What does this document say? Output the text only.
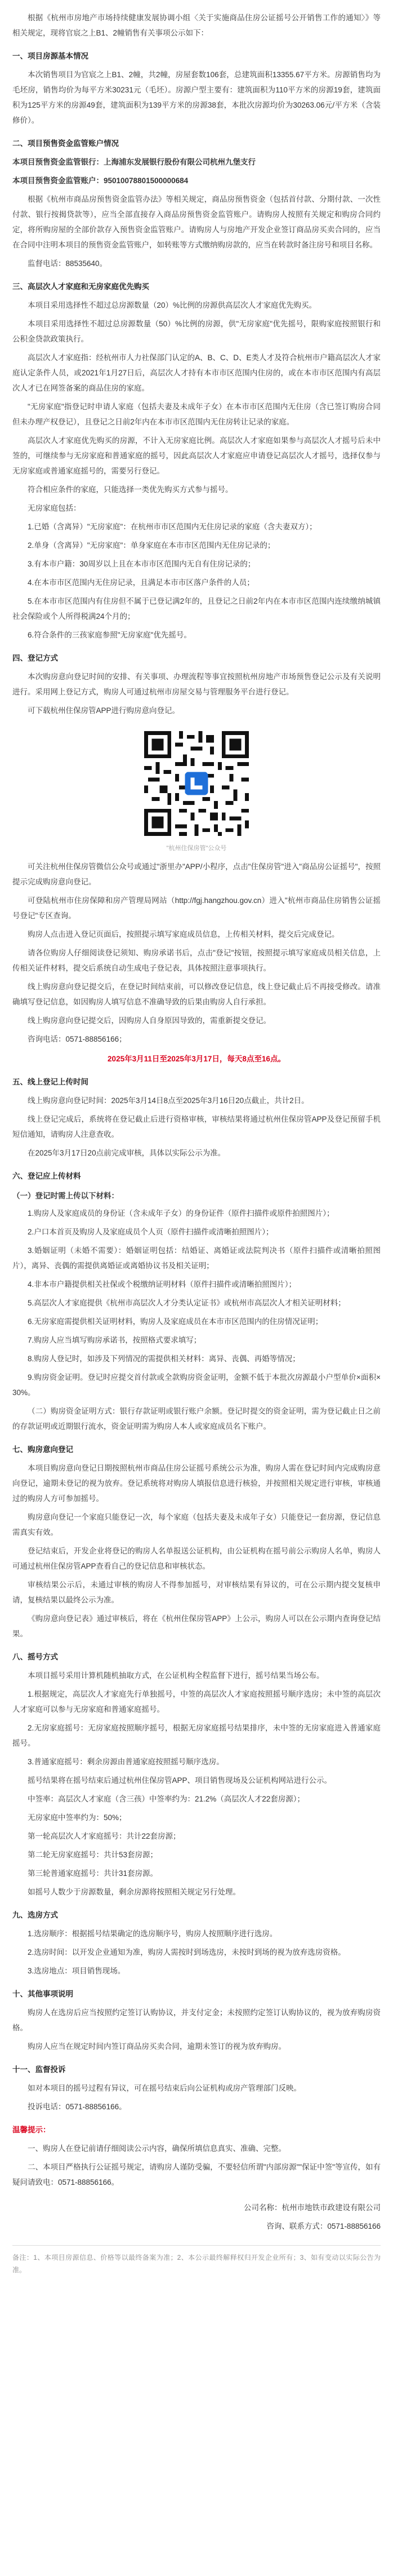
根据《杭州市房地产市场持续健康发展协调小组〈关于实施商品住房公证摇号公开销售工作的通知〉》等相关规定，现将官宸之上B1、2幢销售有关事项公示如下：

一、项目房源基本情况

本次销售项目为官宸之上B1、2幢，共2幢，房屋套数106套，总建筑面积13355.67平方米。房源销售均为毛坯房，销售均价为每平方米30231元（毛坯）。房源户型主要有：建筑面积为110平方米的房源19套，建筑面积为125平方米的房源49套，建筑面积为139平方米的房源38套，本批次房源均价为30263.06元/平方米（含装修价）。

二、项目预售资金监管账户情况

本项目预售资金监管银行：上海浦东发展银行股份有限公司杭州九堡支行

本项目预售资金监管账户：95010078801500000684

根据《杭州市商品房预售资金监管办法》等相关规定，商品房预售资金（包括首付款、分期付款、一次性付款、银行按揭贷款等），应当全部直接存入商品房预售资金监管账户。请购房人按照有关规定和购房合同约定，将所购房屋的全部价款存入预售资金监管账户。请购房人与房地产开发企业签订商品房买卖合同的，应当在合同中注明本项目的预售资金监管账户，如转账等方式缴纳购房款的，应当在转款时备注房号和项目名称。

监督电话：88535640。

三、高层次人才家庭和无房家庭优先购买

本项目采用选择性不超过总房源数量（20）%比例的房源供高层次人才家庭优先购买。

本项目采用选择性不超过总房源数量（50）%比例的房源，供"无房家庭"优先摇号，限购家庭按照银行和公积金贷款政策执行。

高层次人才家庭指：经杭州市人力社保部门认定的A、B、C、D、E类人才及符合杭州市户籍高层次人才家庭认定条件人员，或2021年1月27日后，高层次人才持有本市市区范围内住房的，或在本市市区范围内有高层次人才已在网签备案的商品住房的家庭。

"无房家庭"指登记时申请人家庭（包括夫妻及未成年子女）在本市市区范围内无住房（含已签订购房合同但未办理产权登记），且登记之日前2年内在本市市区范围内无住房转让记录的家庭。

高层次人才家庭优先购买的房源，不计入无房家庭比例。高层次人才家庭如果参与高层次人才摇号后未中签的，可继续参与无房家庭和普通家庭的摇号，因此高层次人才家庭应申请登记高层次人才摇号，选择仅参与无房家庭或普通家庭摇号的，需要另行登记。

符合相应条件的家庭，只能选择一类优先购买方式参与摇号。

无房家庭包括：

1.已婚（含离异）"无房家庭"：在杭州市市区范围内无住房记录的家庭（含夫妻双方）；

2.单身（含离异）"无房家庭"：单身家庭在本市市区范围内无住房记录的；

3.有本市户籍：30周岁以上且在本市市区范围内无自有住房记录的；

4.在本市市区范围内无住房记录，且满足本市市区落户条件的人员；

5.在本市市区范围内有住房但不属于已登记满2年的，且登记之日前2年内在本市市区范围内连续缴纳城镇社会保险或个人所得税满24个月的；

6.符合条件的三孩家庭参照"无房家庭"优先摇号。

四、登记方式

本次购房意向登记时间的安排、有关事项、办理流程等事宜按照杭州房地产市场预售登记公示及有关说明进行。采用网上登记方式，购房人可通过杭州市房屋交易与管理服务平台进行登记。

可下载杭州住保房管APP进行购房意向登记。

"杭州住保房管"公众号

可关注杭州住保房管微信公众号或通过"浙里办"APP/小程序，点击"住保房管"进入"商品房公证摇号"，按照提示完成购房意向登记。

可登陆杭州市住房保障和房产管理局网站（http://fgj.hangzhou.gov.cn）进入"杭州市商品住房销售公证摇号登记"专区查询。

购房人点击进入登记页面后，按照提示填写家庭成员信息，上传相关材料，提交后完成登记。

请各位购房人仔细阅读登记须知、购房承诺书后，点击"登记"按钮，按照提示填写家庭成员相关信息，上传相关证件材料，提交后系统自动生成电子登记表，具体按照注意事项执行。

线上购房意向登记提交后，在登记时间结束前，可以修改登记信息，线上登记截止后不再接受修改。请准确填写登记信息，如因购房人填写信息不准确导致的后果由购房人自行承担。

线上购房意向登记提交后，因购房人自身原因导致的，需重新提交登记。

咨询电话：0571-88856166；

2025年3月11日至2025年3月17日，每天8点至16点。

五、线上登记上传时间

线上购房意向登记时间：2025年3月14日8点至2025年3月16日20点截止，共计2日。

线上登记完成后，系统将在登记截止后进行资格审核，审核结果将通过杭州住保房管APP及登记预留手机短信通知，请购房人注意查收。

在2025年3月17日20点前完成审核，具体以实际公示为准。

六、登记应上传材料

（一）登记时需上传以下材料：

1.购房人及家庭成员的身份证（含未成年子女）的身份证件（原件扫描件或原件拍照图片）；

2.户口本首页及购房人及家庭成员个人页（原件扫描件或清晰拍照图片）；

3.婚姻证明（未婚不需要）：婚姻证明包括：结婚证、离婚证或法院判决书（原件扫描件或清晰拍照图片），离异、丧偶的需提供离婚证或离婚协议书及相关证明；

4.非本市户籍提供相关社保或个税缴纳证明材料（原件扫描件或清晰拍照图片）；

5.高层次人才家庭提供《杭州市高层次人才分类认定证书》或杭州市高层次人才相关证明材料；

6.无房家庭需提供相关证明材料，购房人及家庭成员在本市市区范围内的住房情况证明；

7.购房人应当填写购房承诺书，按照格式要求填写；

8.购房人登记时，如涉及下列情况的需提供相关材料：离异、丧偶、再婚等情况；

9.购房资金证明。登记时应提交首付款或全款购房资金证明，金额不低于本批次房源最小户型单价×面积×30%。

（二）购房资金证明方式：银行存款证明或银行账户余额。登记时提交的资金证明，需为登记截止日之前的存款证明或近期银行流水，资金证明需为购房人本人或家庭成员名下账户。

七、购房意向登记

本项目购房意向登记日期按照杭州市商品住房公证摇号系统公示为准，购房人需在登记时间内完成购房意向登记，逾期未登记的视为放弃。登记系统将对购房人填报信息进行核验，并按照相关规定进行审核，审核通过的购房人方可参加摇号。

购房意向登记一个家庭只能登记一次，每个家庭（包括夫妻及未成年子女）只能登记一套房源，登记信息需真实有效。

登记结束后，开发企业将登记的购房人名单报送公证机构，由公证机构在摇号前公示购房人名单，购房人可通过杭州住保房管APP查看自己的登记信息和审核状态。

审核结果公示后，未通过审核的购房人不得参加摇号，对审核结果有异议的，可在公示期内提交复核申请，复核结果以最终公示为准。

《购房意向登记表》通过审核后，将在《杭州住保房管APP》上公示，购房人可以在公示期内查询登记结果。

八、摇号方式

本项目摇号采用计算机随机抽取方式，在公证机构全程监督下进行，摇号结果当场公布。

1.根据规定，高层次人才家庭先行单独摇号，中签的高层次人才家庭按照摇号顺序选房；未中签的高层次人才家庭可以参与无房家庭和普通家庭摇号。

2.无房家庭摇号：无房家庭按照顺序摇号，根据无房家庭摇号结果排序，未中签的无房家庭进入普通家庭摇号。

3.普通家庭摇号：剩余房源由普通家庭按照摇号顺序选房。

摇号结果将在摇号结束后通过杭州住保房管APP、项目销售现场及公证机构网站进行公示。

中签率：高层次人才家庭（含三孩）中签率约为：21.2%（高层次人才22套房源）；

无房家庭中签率约为：50%；

第一轮高层次人才家庭摇号：共计22套房源；

第二轮无房家庭摇号：共计53套房源；

第三轮普通家庭摇号：共计31套房源。

如摇号人数少于房源数量，剩余房源将按照相关规定另行处理。

九、选房方式

1.选房顺序：根据摇号结果确定的选房顺序号，购房人按照顺序进行选房。

2.选房时间：以开发企业通知为准，购房人需按时到场选房，未按时到场的视为放弃选房资格。

3.选房地点：项目销售现场。

十、其他事项说明

购房人在选房后应当按照约定签订认购协议，并支付定金；未按照约定签订认购协议的，视为放弃购房资格。

购房人应当在规定时间内签订商品房买卖合同，逾期未签订的视为放弃购房。

十一、监督投诉

如对本项目的摇号过程有异议，可在摇号结束后向公证机构或房产管理部门反映。

投诉电话：0571-88856166。

温馨提示：

一、购房人在登记前请仔细阅读公示内容，确保所填信息真实、准确、完整。

二、本项目严格执行公证摇号规定，请购房人谨防受骗，不要轻信所谓"内部房源""保证中签"等宣传，如有疑问请致电：0571-88856166。

公司名称：杭州市地铁市政建设有限公司

咨询、联系方式：0571-88856166

备注：1、本项目房源信息、价格等以最终备案为准；2、本公示最终解释权归开发企业所有；3、如有变动以实际公告为准。
